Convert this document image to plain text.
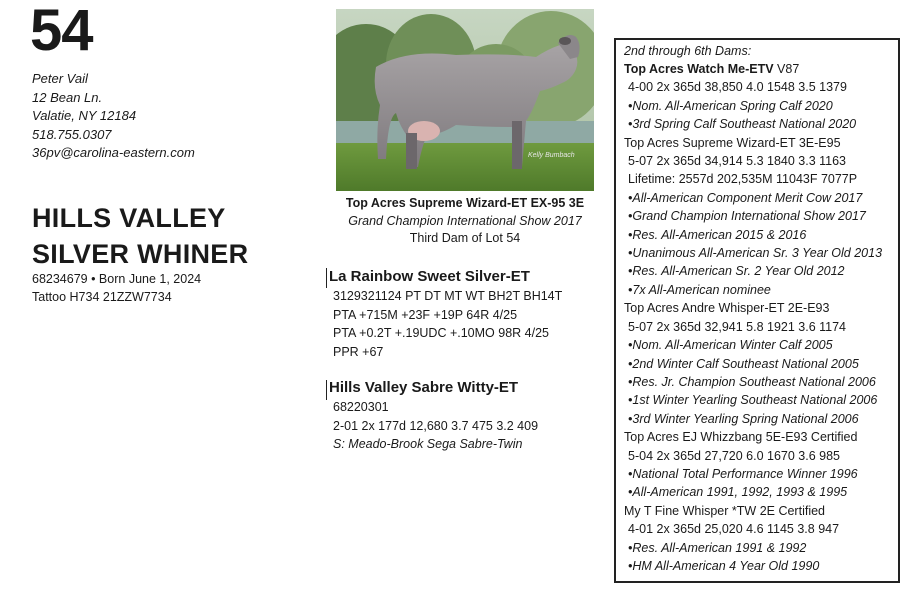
54
Peter Vail
12 Bean Ln.
Valatie, NY 12184
518.755.0307
36pv@carolina-eastern.com
HILLS VALLEY
SILVER WHINER
68234679 • Born June 1, 2024
Tattoo H734 21ZZW7734
Kelly Bumbach
Top Acres Supreme Wizard-ET EX-95 3E
Grand Champion International Show 2017
Third Dam of Lot 54
La Rainbow Sweet Silver-ET
3129321124 PT DT MT WT BH2T BH14T
PTA +715M +23F +19P 64R 4/25
PTA +0.2T +.19UDC +.10MO 98R 4/25
PPR +67
Hills Valley Sabre Witty-ET
68220301
2-01 2x 177d 12,680 3.7 475 3.2 409
S: Meado-Brook Sega Sabre-Twin
2nd through 6th Dams:
Top Acres Watch Me-ETV V87
4-00 2x 365d 38,850 4.0 1548 3.5 1379
•Nom. All-American Spring Calf 2020
•3rd Spring Calf Southeast National 2020
Top Acres Supreme Wizard-ET 3E-E95
5-07 2x 365d 34,914 5.3 1840 3.3 1163
Lifetime: 2557d 202,535M 11043F 7077P
•All-American Component Merit Cow 2017
•Grand Champion International Show 2017
•Res. All-American 2015 & 2016
•Unanimous All-American Sr. 3 Year Old 2013
•Res. All-American Sr. 2 Year Old 2012
•7x All-American nominee
Top Acres Andre Whisper-ET 2E-E93
5-07 2x 365d 32,941 5.8 1921 3.6 1174
•Nom. All-American Winter Calf 2005
•2nd Winter Calf Southeast National 2005
•Res. Jr. Champion Southeast National 2006
•1st Winter Yearling Southeast National 2006
•3rd Winter Yearling Spring National 2006
Top Acres EJ Whizzbang 5E-E93 Certified
5-04 2x 365d 27,720 6.0 1670 3.6 985
•National Total Performance Winner 1996
•All-American 1991, 1992, 1993 & 1995
My T Fine Whisper *TW 2E Certified
4-01 2x 365d 25,020 4.6 1145 3.8 947
•Res. All-American 1991 & 1992
•HM All-American 4 Year Old 1990
